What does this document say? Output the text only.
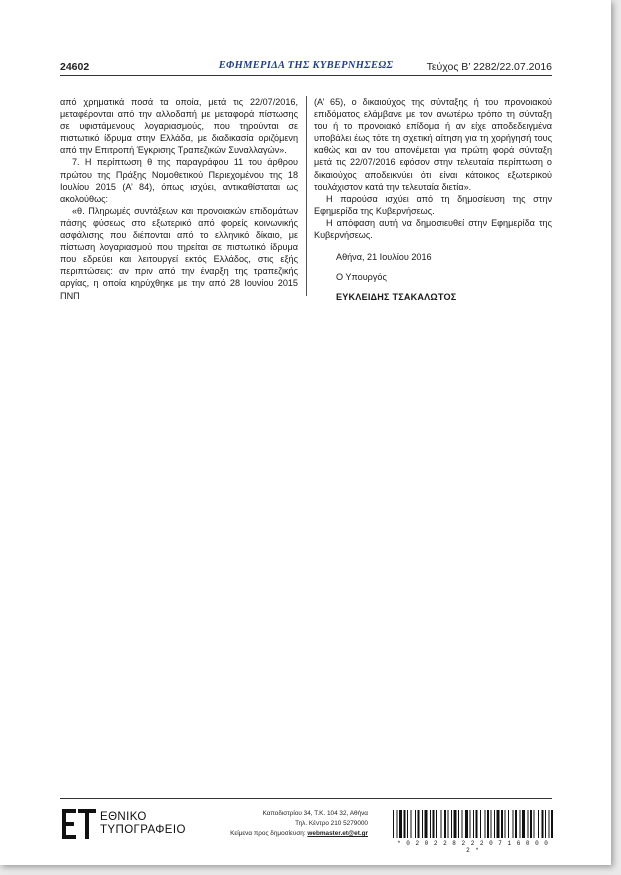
24602	ΕΦΗΜΕΡΙΔΑ ΤΗΣ ΚΥΒΕΡΝΗΣΕΩΣ	Τεύχος Β’ 2282/22.07.2016

από χρηματικά ποσά τα οποία, μετά τις 22/07/2016, μεταφέρονται από την αλλοδαπή με μεταφορά πίστωσης σε υφιστάμενους λογαριασμούς, που τηρούνται σε πιστωτικό ίδρυμα στην Ελλάδα, με διαδικασία οριζόμενη από την Επιτροπή Έγκρισης Τραπεζικών Συναλλαγών».

7. Η περίπτωση θ της παραγράφου 11 του άρθρου πρώτου της Πράξης Νομοθετικού Περιεχομένου της 18 Ιουλίου 2015 (Α’ 84), όπως ισχύει, αντικαθίσταται ως ακολούθως:

«θ. Πληρωμές συντάξεων και προνοιακών επιδομάτων πάσης φύσεως στο εξωτερικό από φορείς κοινωνικής ασφάλισης που διέπονται από το ελληνικό δίκαιο, με πίστωση λογαριασμού που τηρείται σε πιστωτικό ίδρυμα που εδρεύει και λειτουργεί εκτός Ελλάδος, στις εξής περιπτώσεις: αν πριν από την έναρξη της τραπεζικής αργίας, η οποία κηρύχθηκε με την από 28 Ιουνίου 2015 ΠΝΠ

(Α’ 65), ο δικαιούχος της σύνταξης ή του προνοιακού επιδόματος ελάμβανε με τον ανωτέρω τρόπο τη σύνταξη του ή το προνοιακό επίδομα ή αν είχε αποδεδειγμένα υποβάλει έως τότε τη σχετική αίτηση για τη χορήγησή τους καθώς και αν του απονέμεται για πρώτη φορά σύνταξη μετά τις 22/07/2016 εφόσον στην τελευταία περίπτωση ο δικαιούχος αποδεικνύει ότι είναι κάτοικος εξωτερικού τουλάχιστον κατά την τελευταία διετία».

Η παρούσα ισχύει από τη δημοσίευση της στην Εφημερίδα της Κυβερνήσεως.

Η απόφαση αυτή να δημοσιευθεί στην Εφημερίδα της Κυβερνήσεως.

Αθήνα, 21 Ιουλίου 2016

Ο Υπουργός

ΕΥΚΛΕΙΔΗΣ ΤΣΑΚΑΛΩΤΟΣ

ΕΘΝΙΚΟ
ΤΥΠΟΓΡΑΦΕΙΟ
Καποδιστρίου 34, Τ.Κ. 104 32, Αθήνα
Τηλ. Κέντρο 210 5279000
Κείμενα προς δημοσίευση: webmaster.et@et.gr
* 0 2 0 2 2 8 2 2 2 0 7 1 6 0 0 0 2 *
